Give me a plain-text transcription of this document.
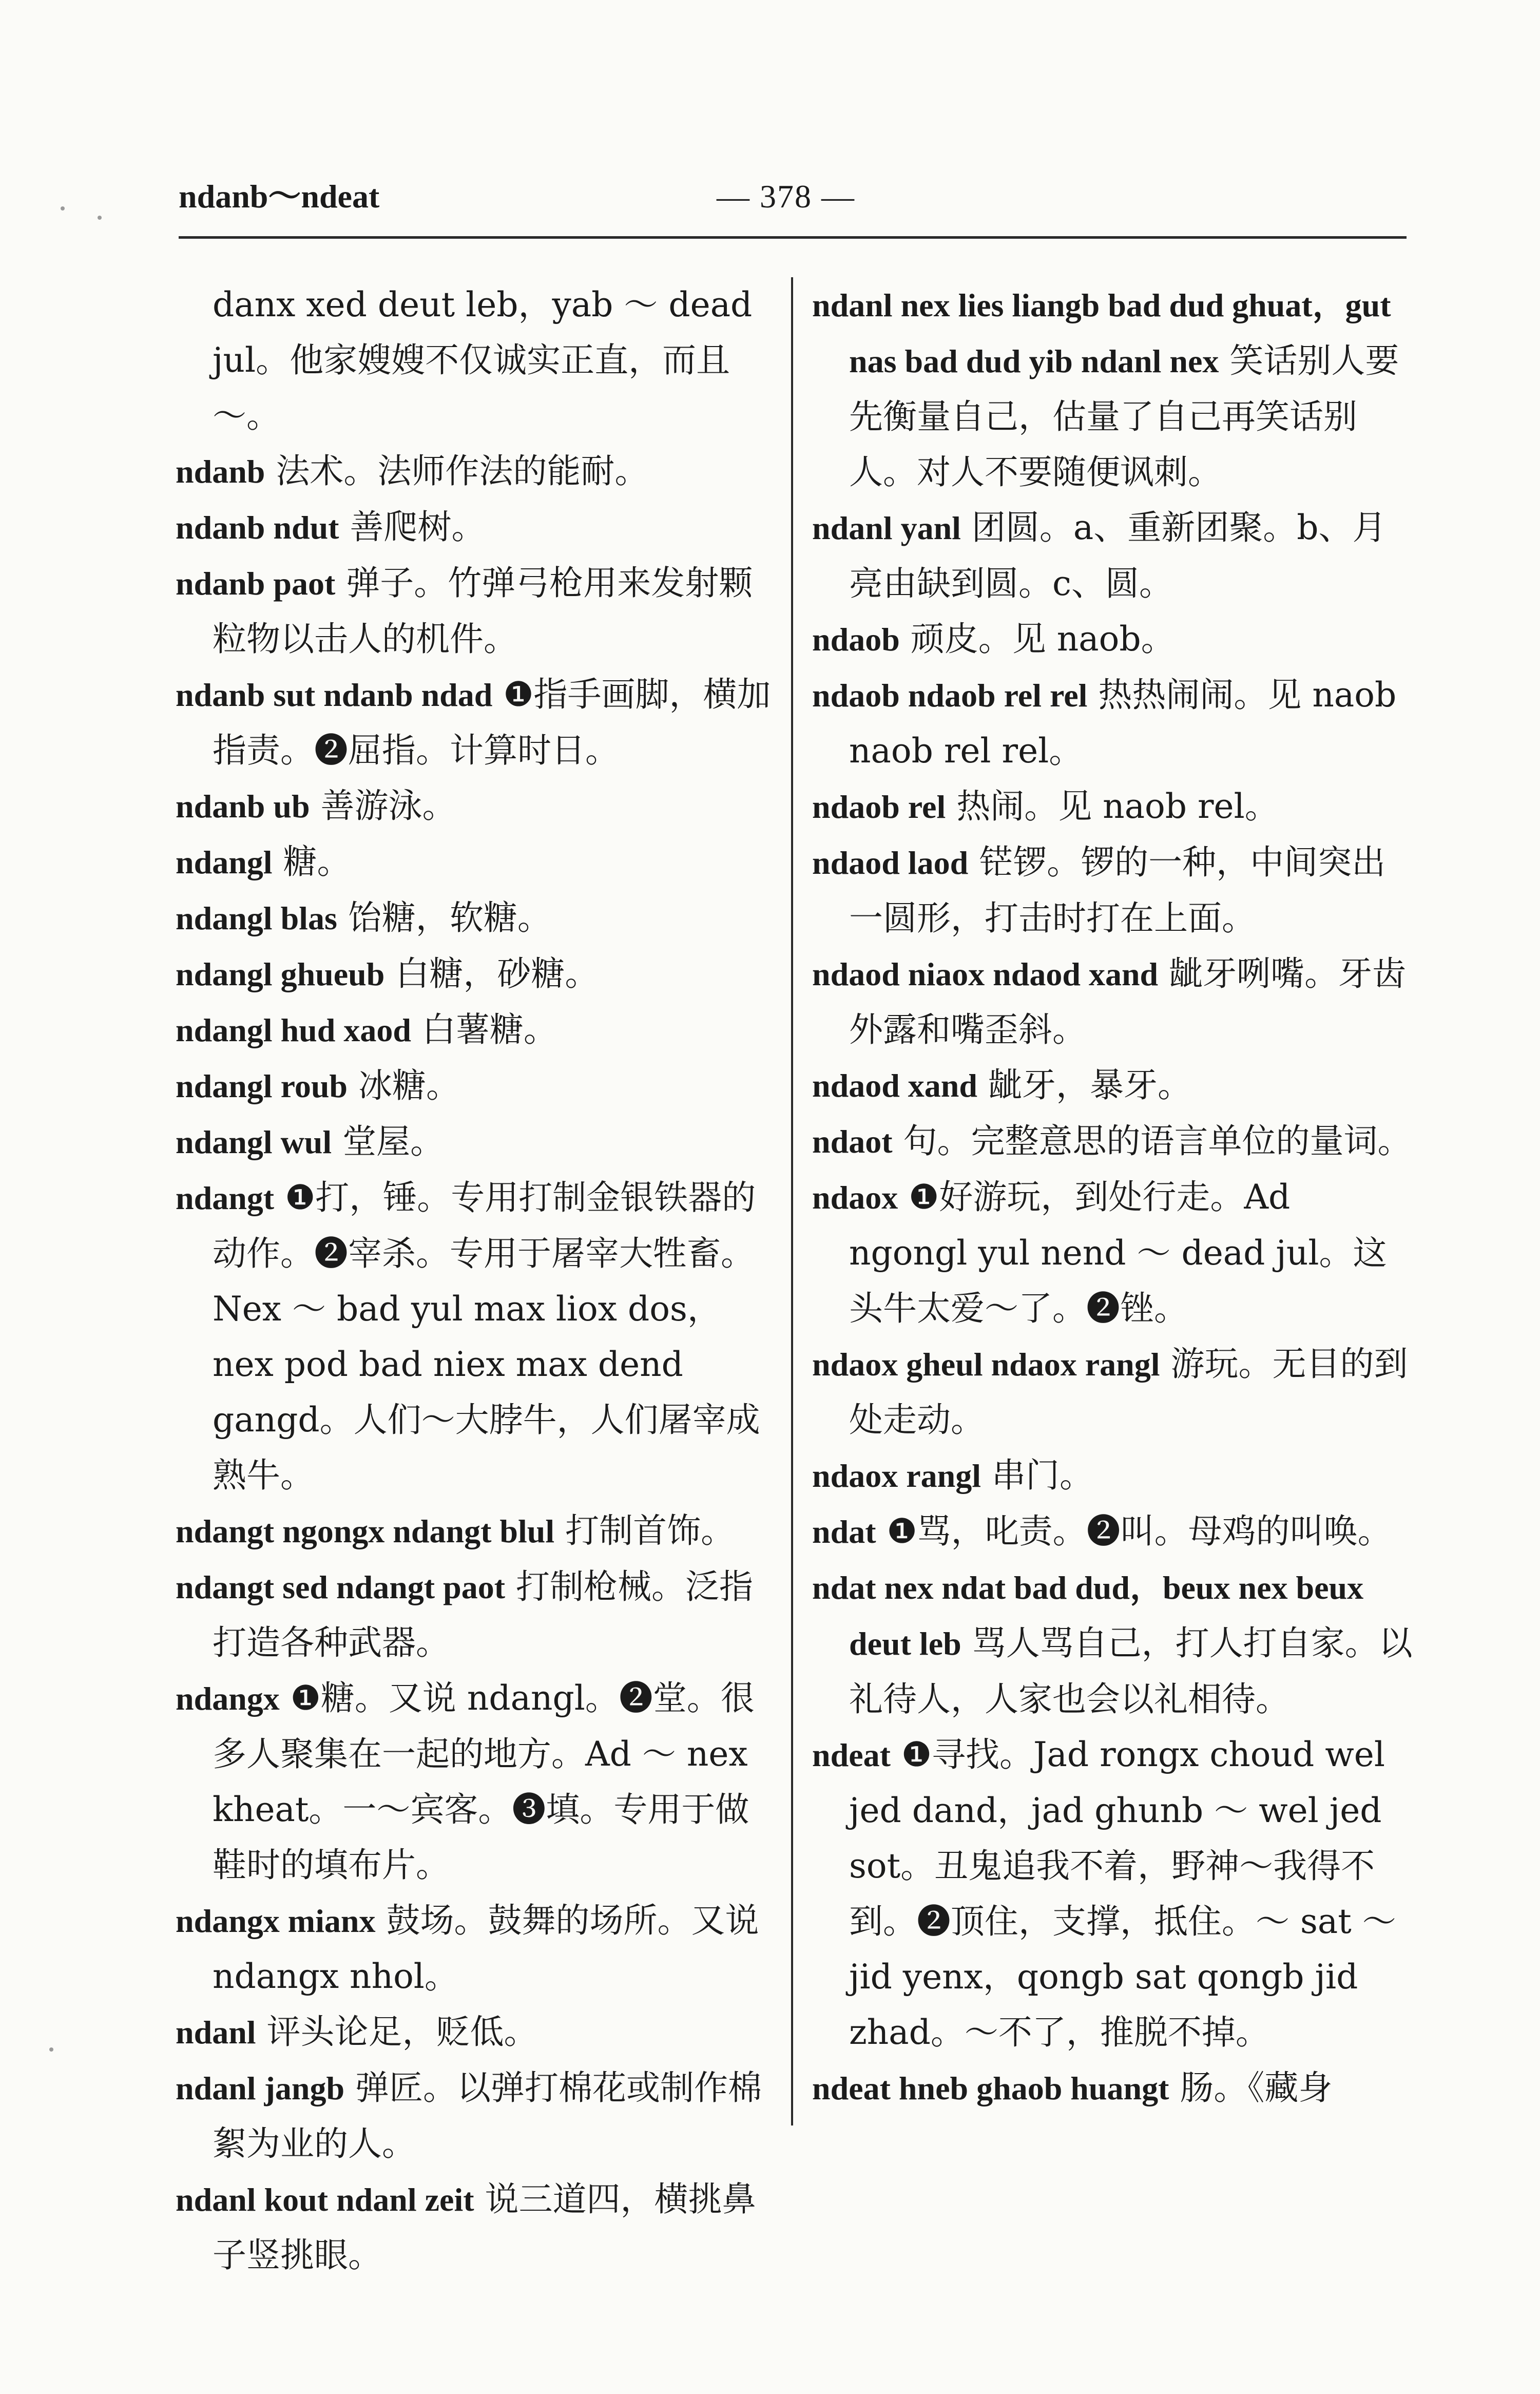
ndanb～ndeat	— 378 —

danx xed deut leb，yab ～ dead jul。他家嫂嫂不仅诚实正直，而且～。

ndanb 法术。法师作法的能耐。

ndanb ndut 善爬树。

ndanb paot 弹子。竹弹弓枪用来发射颗粒物以击人的机件。

ndanb sut ndanb ndad ❶指手画脚，横加指责。❷屈指。计算时日。

ndanb ub 善游泳。

ndangl 糖。

ndangl blas 饴糖，软糖。

ndangl ghueub 白糖，砂糖。

ndangl hud xaod 白薯糖。

ndangl roub 冰糖。

ndangl wul 堂屋。

ndangt ❶打，锤。专用打制金银铁器的动作。❷宰杀。专用于屠宰大牲畜。Nex ～ bad yul max liox dos，nex pod bad niex max dend gangd。人们～大脖牛，人们屠宰成熟牛。

ndangt ngongx ndangt blul 打制首饰。

ndangt sed ndangt paot 打制枪械。泛指打造各种武器。

ndangx ❶糖。又说 ndangl。❷堂。很多人聚集在一起的地方。Ad ～ nex kheat。一～宾客。❸填。专用于做鞋时的填布片。

ndangx mianx 鼓场。鼓舞的场所。又说 ndangx nhol。

ndanl 评头论足，贬低。

ndanl jangb 弹匠。以弹打棉花或制作棉絮为业的人。

ndanl kout ndanl zeit 说三道四，横挑鼻子竖挑眼。

ndanl nex lies liangb bad dud ghuat，gut nas bad dud yib ndanl nex 笑话别人要先衡量自己，估量了自己再笑话别人。对人不要随便讽刺。

ndanl yanl 团圆。a、重新团聚。b、月亮由缺到圆。c、圆。

ndaob 顽皮。见 naob。

ndaob ndaob rel rel 热热闹闹。见 naob naob rel rel。

ndaob rel 热闹。见 naob rel。

ndaod laod 铓锣。锣的一种，中间突出一圆形，打击时打在上面。

ndaod niaox ndaod xand 龇牙咧嘴。牙齿外露和嘴歪斜。

ndaod xand 龇牙，暴牙。

ndaot 句。完整意思的语言单位的量词。

ndaox ❶好游玩，到处行走。Ad ngongl yul nend ～ dead jul。这头牛太爱～了。❷锉。

ndaox gheul ndaox rangl 游玩。无目的到处走动。

ndaox rangl 串门。

ndat ❶骂，叱责。❷叫。母鸡的叫唤。

ndat nex ndat bad dud，beux nex beux deut leb 骂人骂自己，打人打自家。以礼待人，人家也会以礼相待。

ndeat ❶寻找。Jad rongx choud wel jed dand，jad ghunb ～ wel jed sot。丑鬼追我不着，野神～我得不到。❷顶住，支撑，抵住。～ sat ～ jid yenx，qongb sat qongb jid zhad。～不了，推脱不掉。

ndeat hneb ghaob huangt 肠。《藏身
